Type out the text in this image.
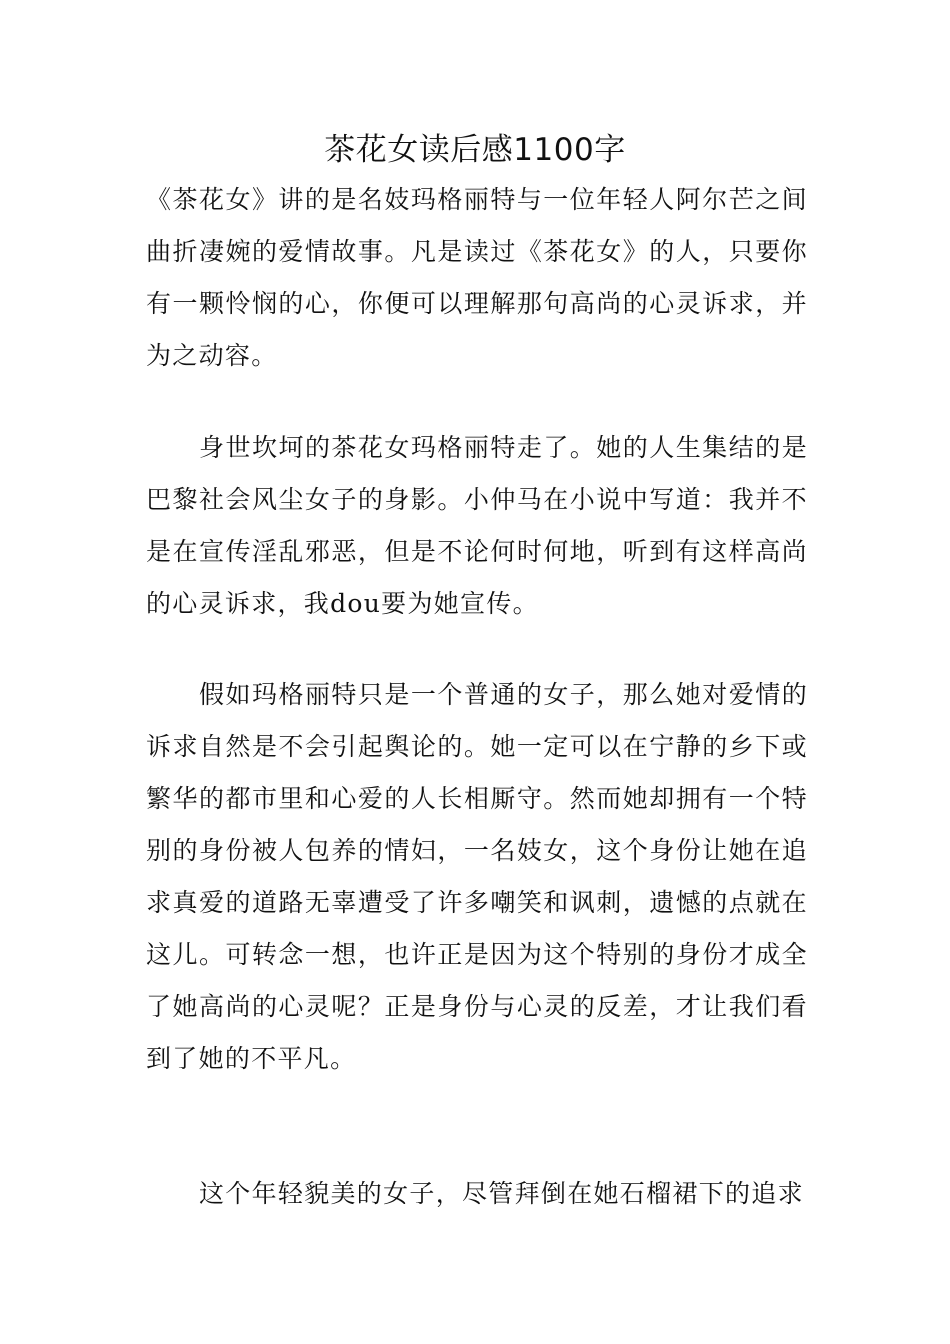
茶花女读后感1100字

《茶花女》讲的是名妓玛格丽特与一位年轻人阿尔芒之间曲折凄婉的爱情故事。凡是读过《茶花女》的人，只要你有一颗怜悯的心，你便可以理解那句高尚的心灵诉求，并为之动容。

身世坎坷的茶花女玛格丽特走了。她的人生集结的是巴黎社会风尘女子的身影。小仲马在小说中写道：我并不是在宣传淫乱邪恶，但是不论何时何地，听到有这样高尚的心灵诉求，我dou要为她宣传。

假如玛格丽特只是一个普通的女子，那么她对爱情的诉求自然是不会引起舆论的。她一定可以在宁静的乡下或繁华的都市里和心爱的人长相厮守。然而她却拥有一个特别的身份被人包养的情妇，一名妓女，这个身份让她在追求真爱的道路无辜遭受了许多嘲笑和讽刺，遗憾的点就在这儿。可转念一想，也许正是因为这个特别的身份才成全了她高尚的心灵呢？正是身份与心灵的反差，才让我们看到了她的不平凡。

这个年轻貌美的女子，尽管拜倒在她石榴裙下的追求
